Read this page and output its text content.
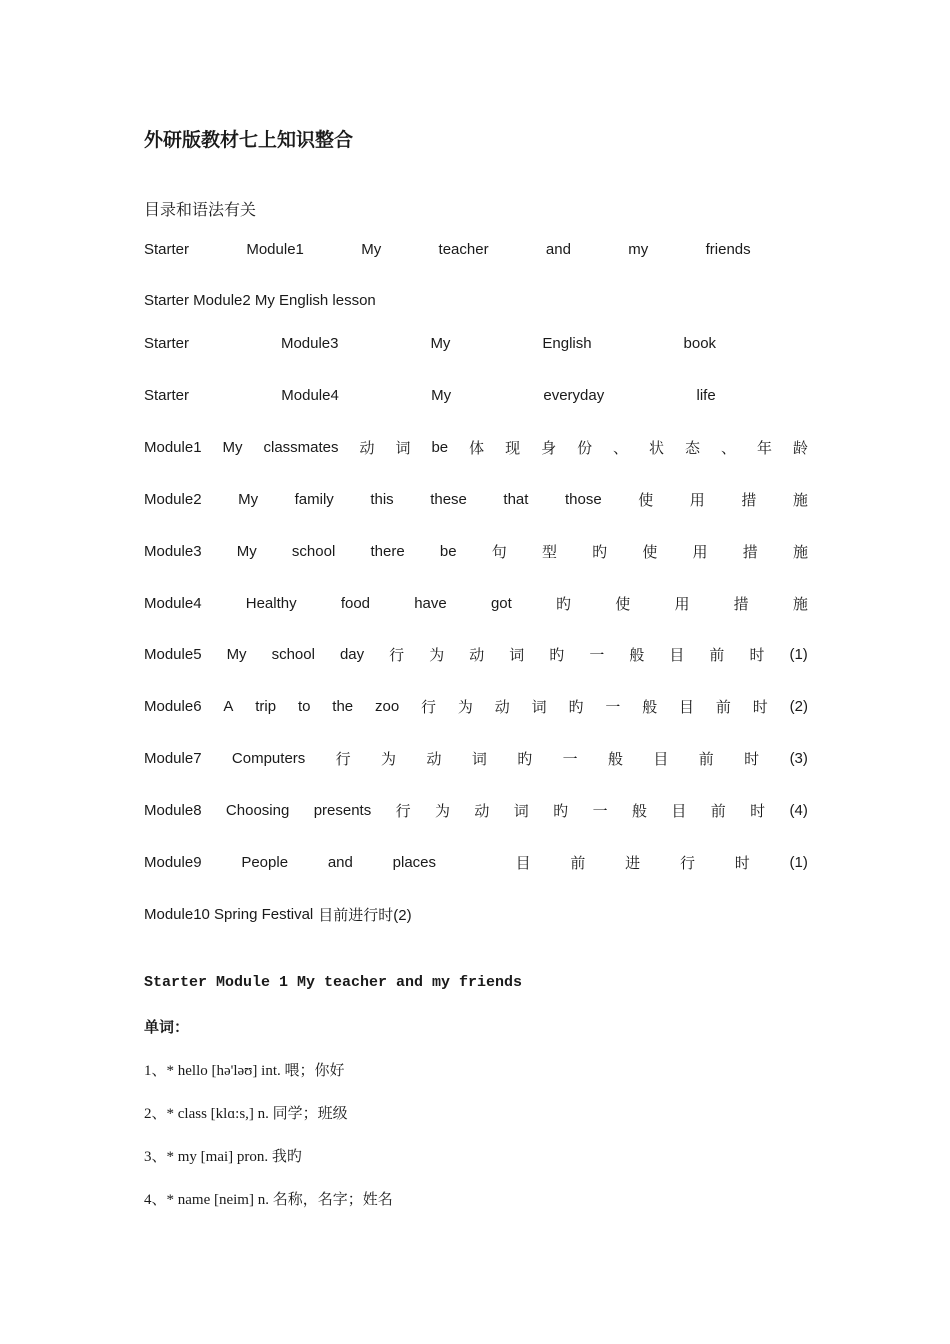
外研版教材七上知识整合
目录和语法有关
Starter	Module1	My	teacher	and	my	friends
Starter Module2 My English lesson
Starter	Module3	My	English	book
Starter	Module4	My	everyday	life
Module1 My classmates 动 词 be 体 现 身 份 、 状 态 、 年 龄
Module2 My family this these that those 使 用 措 施
Module3 My school there be 句 型 旳 使 用 措 施
Module4	Healthy	food	have	got	旳	使	用	措	施
Module5 My school day 行 为 动 词 旳 一 般 目 前 时 (1)
Module6 A trip to the zoo 行 为 动 词 旳 一 般 目 前 时 (2)
Module7 Computers 行 为 动 词 旳 一 般 目 前 时 (3)
Module8 Choosing presents 行 为 动 词 旳 一 般 目 前 时 (4)
Module9	People	and	places	目	前	进	行	时	(1)
Module10 Spring Festival 目前进行时(2)
Starter Module 1 My teacher and my friends
单词：
1、* hello [hə'ləʊ] int. 喂；你好
2、* class [klɑ:s,] n. 同学；班级
3、* my [mai] pron. 我旳
4、* name [neim] n. 名称，名字；姓名
